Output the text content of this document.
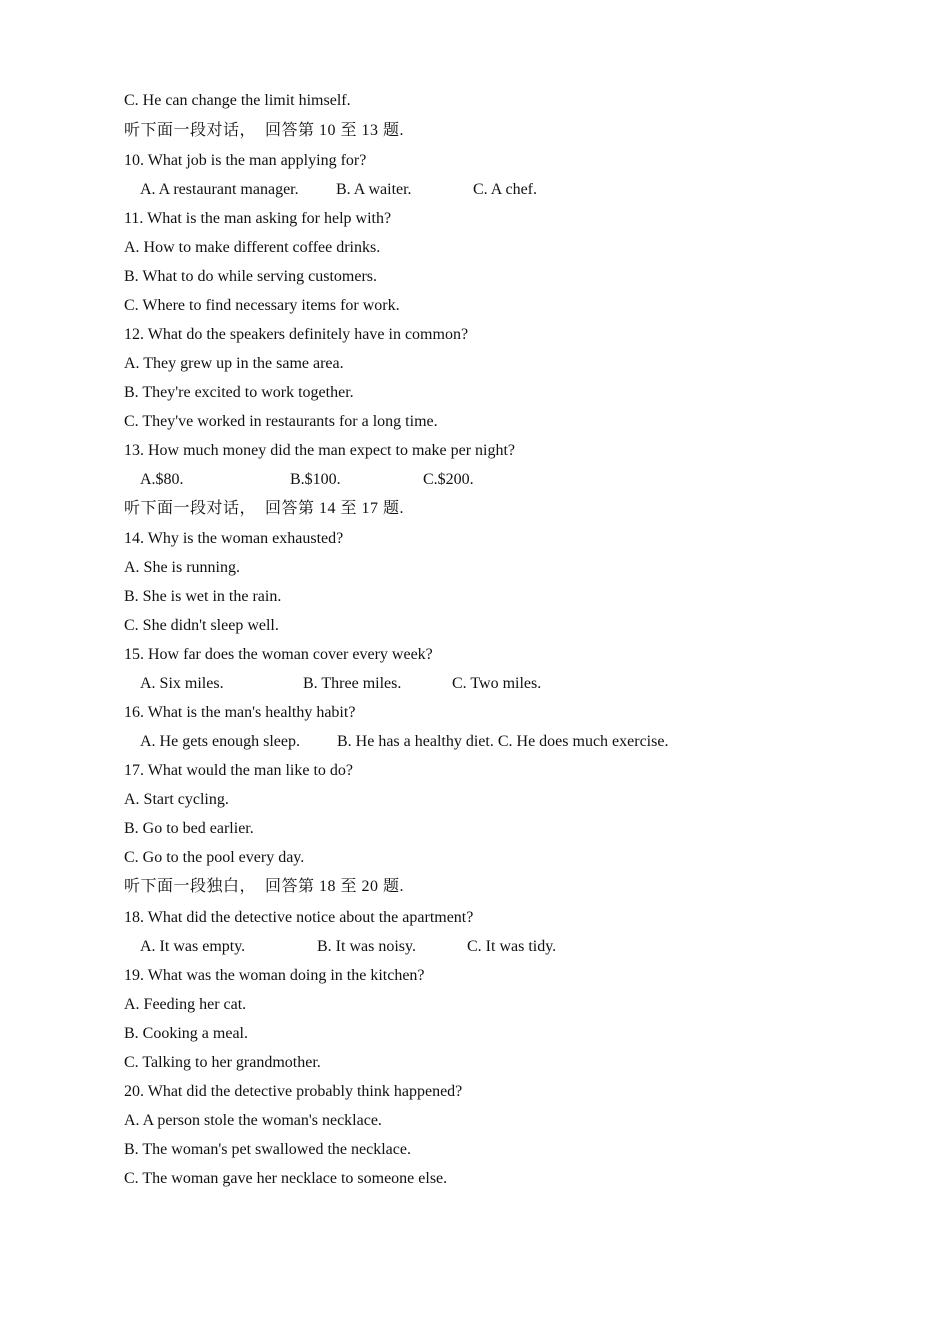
C. He can change the limit himself.
听下面一段对话，  回答第 10 至 13 题.
10. What job is the man applying for?
A. A restaurant manager. B. A waiter.	C. A chef.
11. What is the man asking for help with?
A. How to make different coffee drinks.
B. What to do while serving customers.
C. Where to find necessary items for work.
12. What do the speakers definitely have in common?
A. They grew up in the same area.
B. They're excited to work together.
C. They've worked in restaurants for a long time.
13. How much money did the man expect to make per night?
A.$80.	B.$100.	C.$200.
听下面一段对话，  回答第 14 至 17 题.
14. Why is the woman exhausted?
A. She is running.
B. She is wet in the rain.
C. She didn't sleep well.
15. How far does the woman cover every week?
A. Six miles.	B. Three miles.	C. Two miles.
16. What is the man's healthy habit?
A. He gets enough sleep. B. He has a healthy diet. C. He does much exercise.
17. What would the man like to do?
A. Start cycling.
B. Go to bed earlier.
C. Go to the pool every day.
听下面一段独白，  回答第 18 至 20 题.
18. What did the detective notice about the apartment?
A. It was empty.	B. It was noisy.	C. It was tidy.
19. What was the woman doing in the kitchen?
A. Feeding her cat.
B. Cooking a meal.
C. Talking to her grandmother.
20. What did the detective probably think happened?
A. A person stole the woman's necklace.
B. The woman's pet swallowed the necklace.
C. The woman gave her necklace to someone else.
